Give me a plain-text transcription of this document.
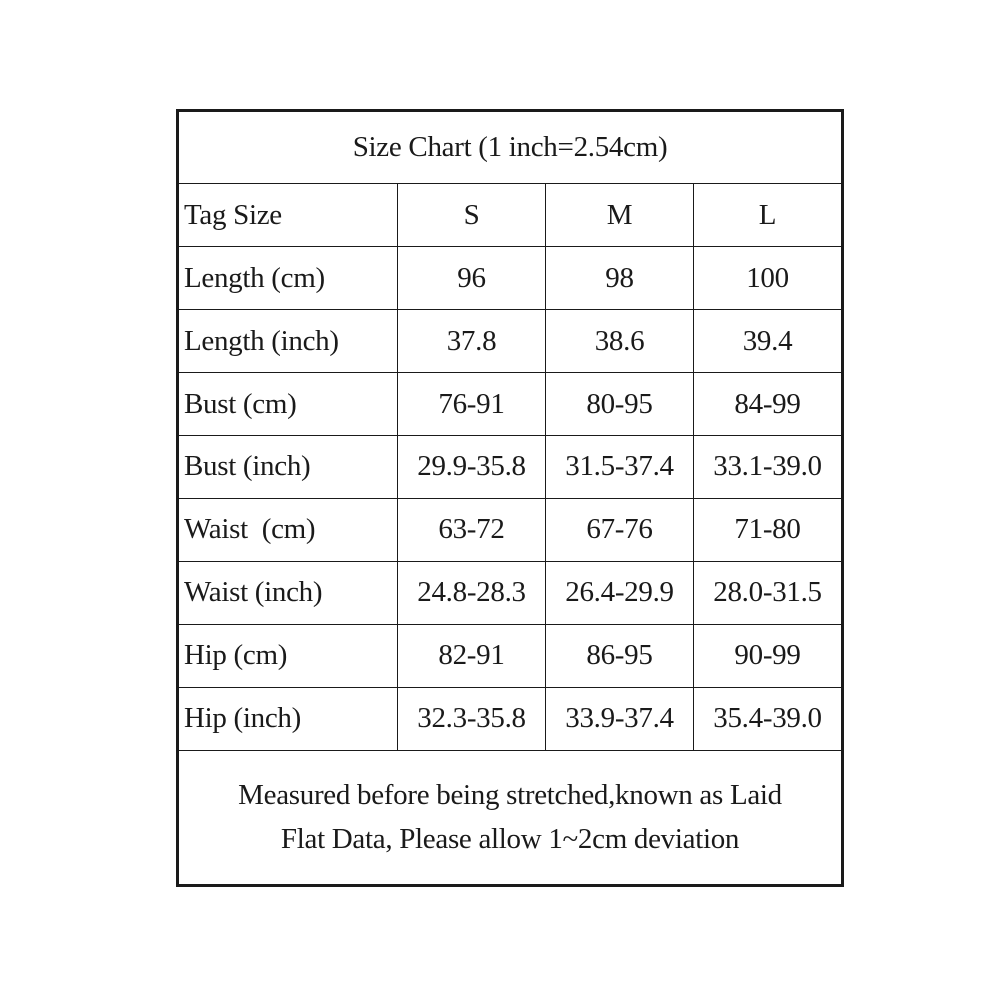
Size Chart (1 inch=2.54cm)			
Tag Size	S	M	L
Length (cm)	96	98	100
Length (inch)	37.8	38.6	39.4
Bust (cm)	76-91	80-95	84-99
Bust (inch)	29.9-35.8	31.5-37.4	33.1-39.0
Waist  (cm)	63-72	67-76	71-80
Waist (inch)	24.8-28.3	26.4-29.9	28.0-31.5
Hip (cm)	82-91	86-95	90-99
Hip (inch)	32.3-35.8	33.9-37.4	35.4-39.0
Measured before being stretched,known as Laid
Flat Data, Please allow 1~2cm deviation			
